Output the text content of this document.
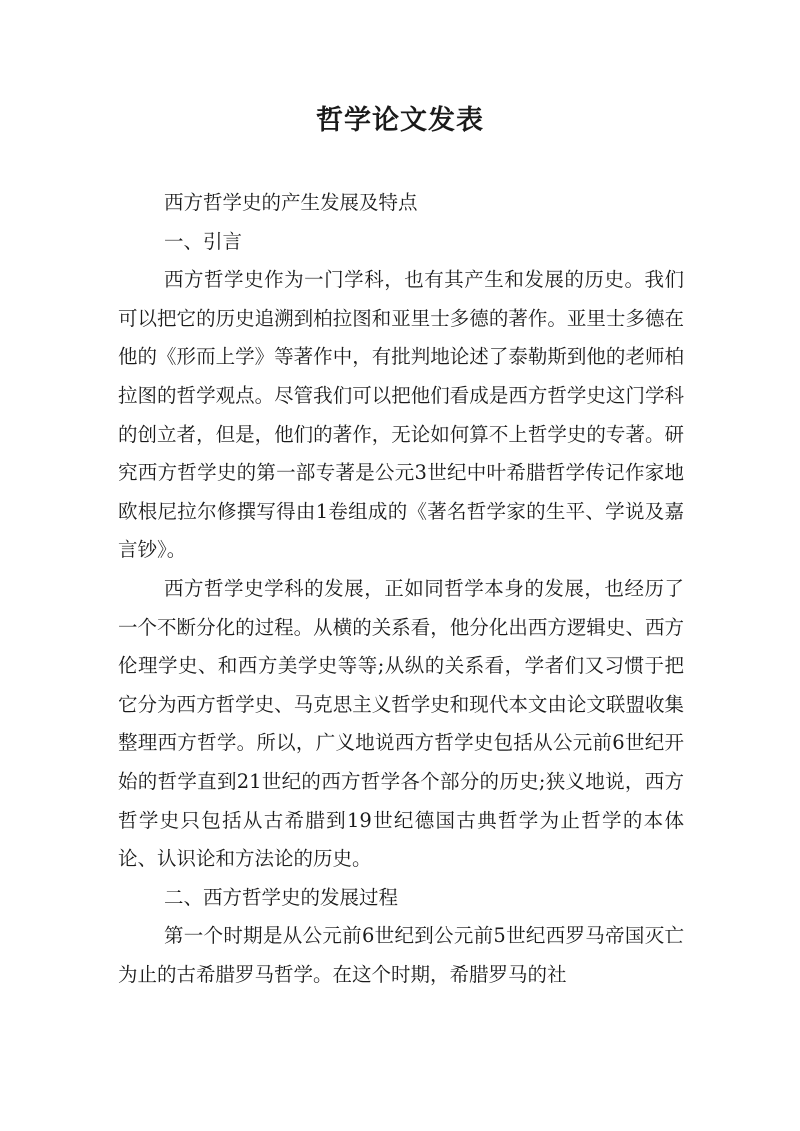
哲学论文发表

西方哲学史的产生发展及特点

一、引言

西方哲学史作为一门学科，也有其产生和发展的历史。我们可以把它的历史追溯到柏拉图和亚里士多德的著作。亚里士多德在他的《形而上学》等著作中，有批判地论述了泰勒斯到他的老师柏拉图的哲学观点。尽管我们可以把他们看成是西方哲学史这门学科的创立者，但是，他们的著作，无论如何算不上哲学史的专著。研究西方哲学史的第一部专著是公元3世纪中叶希腊哲学传记作家地欧根尼拉尔修撰写得由1卷组成的《著名哲学家的生平、学说及嘉言钞》。

西方哲学史学科的发展，正如同哲学本身的发展，也经历了一个不断分化的过程。从横的关系看，他分化出西方逻辑史、西方伦理学史、和西方美学史等等;从纵的关系看，学者们又习惯于把它分为西方哲学史、马克思主义哲学史和现代本文由论文联盟收集整理西方哲学。所以，广义地说西方哲学史包括从公元前6世纪开始的哲学直到21世纪的西方哲学各个部分的历史;狭义地说，西方哲学史只包括从古希腊到19世纪德国古典哲学为止哲学的本体论、认识论和方法论的历史。

二、西方哲学史的发展过程

第一个时期是从公元前6世纪到公元前5世纪西罗马帝国灭亡为止的古希腊罗马哲学。在这个时期，希腊罗马的社
